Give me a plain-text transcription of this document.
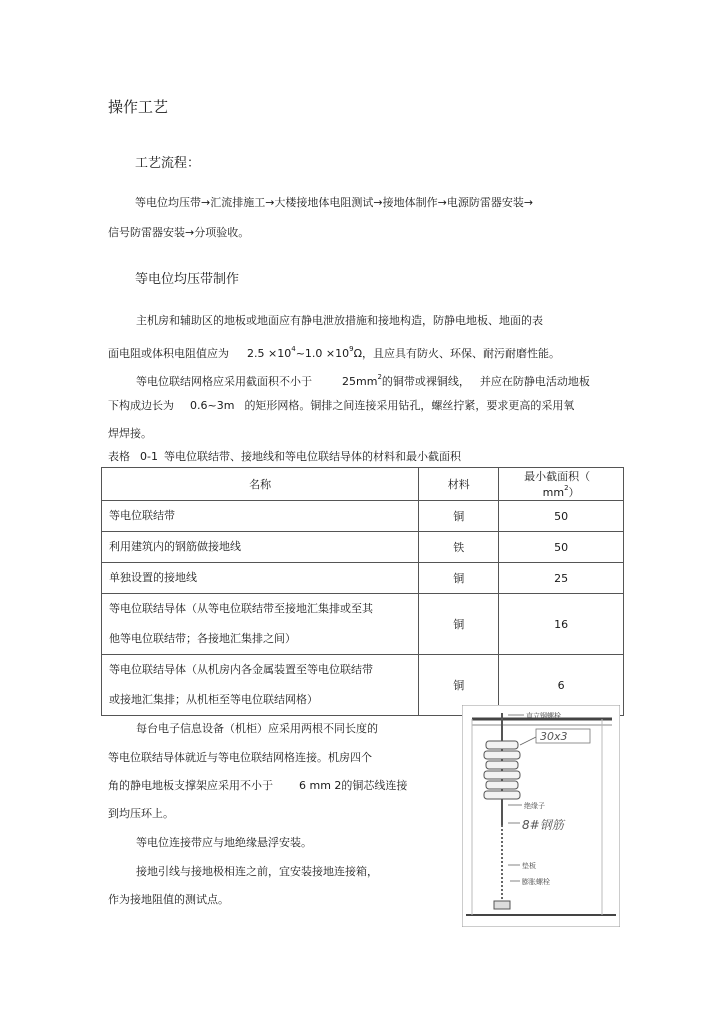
操作工艺
工艺流程：
等电位均压带→汇流排施工→大楼接地体电阻测试→接地体制作→电源防雷器安装→
信号防雷器安装→分项验收。
等电位均压带制作
主机房和辅助区的地板或地面应有静电泄放措施和接地构造，防静电地板、地面的表
面电阻或体积电阻值应为 $2.5 \times 10^4\sim 1.0 \times 10^9\Omega$，且应具有防火、环保、耐污耐磨性能。
等电位联结网格应采用截面积不小于	$25mm^2$的铜带或裸铜线， 并应在防静电活动地板
下构成边长为 0.6~3m 的矩形网格。铜排之间连接采用钻孔，螺丝拧紧，要求更高的采用氧
焊焊接。
表格 0-1 等电位联结带、接地线和等电位联结导体的材料和最小截面积
名称	材料	最小截面积$(mm^2)$
等电位联结带	铜	50
利用建筑内的钢筋做接地线	铁	50
单独设置的接地线	铜	25

等电位联结导体（从等电位联结带至接地汇集排或至其
他等电位联结带；各接地汇集排之间）	铜	16

等电位联结导体（从机房内各金属装置至等电位联结带
或接地汇集排；从机柜至等电位联结网格）	铜	6
每台电子信息设备（机柜）应采用两根不同长度的
等电位联结导体就近与等电位联结网格连接。机房四个
角的静电地板支撑架应采用不小于 6 mm 2的铜芯线连接
到均压环上。
等电位连接带应与地绝缘悬浮安装。
接地引线与接地极相连之前，宜安装接地连接箱，
作为接地阻值的测试点。
直立钢螺栓
30x3
绝缘子
8#钢筋
垫板
膨胀螺栓
